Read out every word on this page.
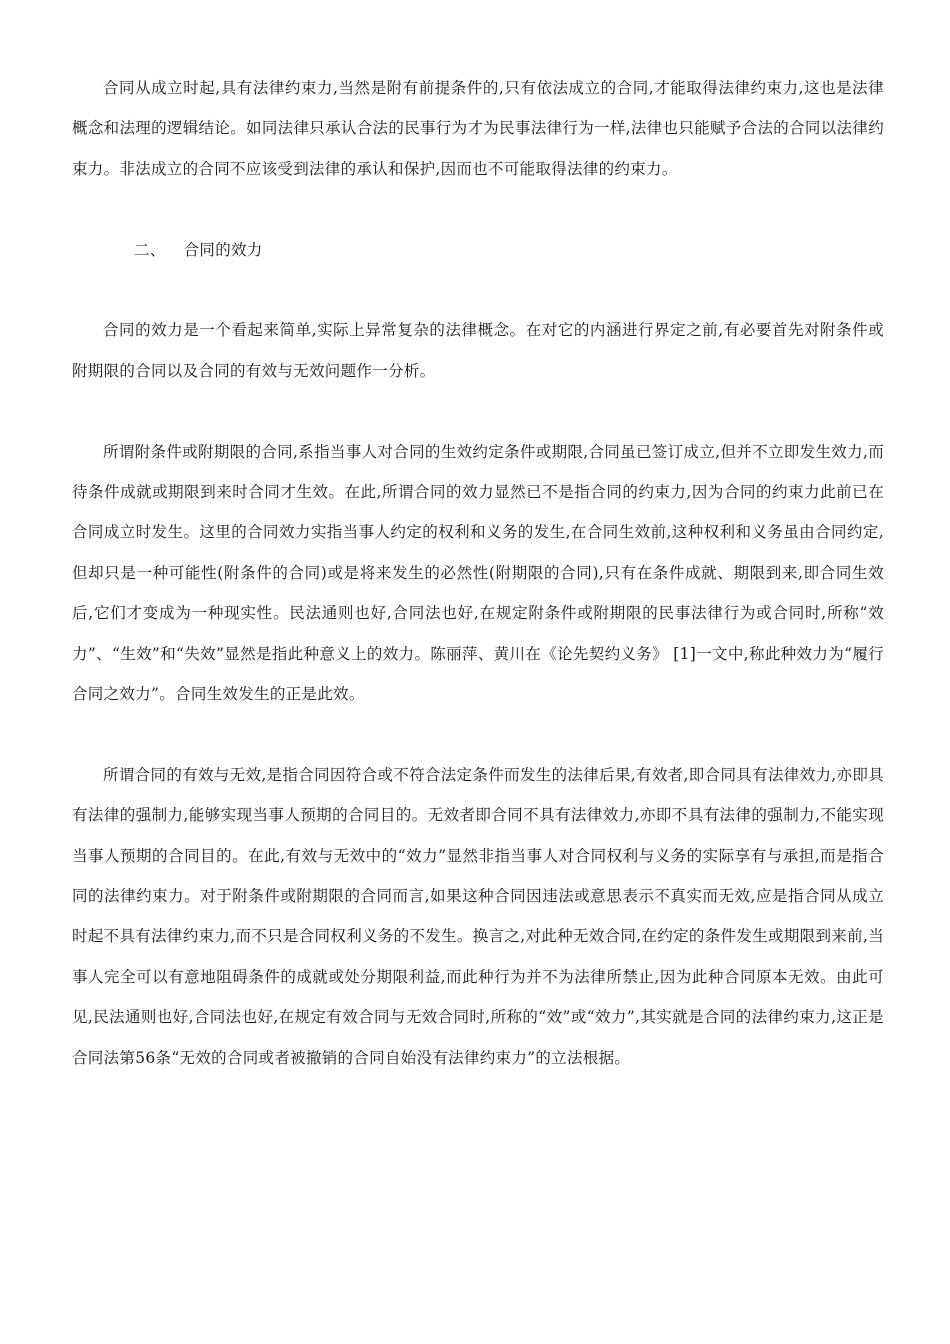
合同从成立时起,具有法律约束力,当然是附有前提条件的,只有依法成立的合同,才能取得法律约束力,这也是法律概念和法理的逻辑结论。如同法律只承认合法的民事行为才为民事法律行为一样,法律也只能赋予合法的合同以法律约束力。非法成立的合同不应该受到法律的承认和保护,因而也不可能取得法律的约束力。

二、 合同的效力

合同的效力是一个看起来简单,实际上异常复杂的法律概念。在对它的内涵进行界定之前,有必要首先对附条件或附期限的合同以及合同的有效与无效问题作一分析。

所谓附条件或附期限的合同,系指当事人对合同的生效约定条件或期限,合同虽已签订成立,但并不立即发生效力,而待条件成就或期限到来时合同才生效。在此,所谓合同的效力显然已不是指合同的约束力,因为合同的约束力此前已在合同成立时发生。这里的合同效力实指当事人约定的权利和义务的发生,在合同生效前,这种权利和义务虽由合同约定,但却只是一种可能性(附条件的合同)或是将来发生的必然性(附期限的合同),只有在条件成就、期限到来,即合同生效后,它们才变成为一种现实性。民法通则也好,合同法也好,在规定附条件或附期限的民事法律行为或合同时,所称“效力”、“生效”和“失效”显然是指此种意义上的效力。陈丽萍、黄川在《论先契约义务》 [1]一文中,称此种效力为“履行合同之效力”。合同生效发生的正是此效。

所谓合同的有效与无效,是指合同因符合或不符合法定条件而发生的法律后果,有效者,即合同具有法律效力,亦即具有法律的强制力,能够实现当事人预期的合同目的。无效者即合同不具有法律效力,亦即不具有法律的强制力,不能实现当事人预期的合同目的。在此,有效与无效中的“效力”显然非指当事人对合同权利与义务的实际享有与承担,而是指合同的法律约束力。对于附条件或附期限的合同而言,如果这种合同因违法或意思表示不真实而无效,应是指合同从成立时起不具有法律约束力,而不只是合同权利义务的不发生。换言之,对此种无效合同,在约定的条件发生或期限到来前,当事人完全可以有意地阻碍条件的成就或处分期限利益,而此种行为并不为法律所禁止,因为此种合同原本无效。由此可见,民法通则也好,合同法也好,在规定有效合同与无效合同时,所称的“效”或“效力”,其实就是合同的法律约束力,这正是合同法第56条“无效的合同或者被撤销的合同自始没有法律约束力”的立法根据。
